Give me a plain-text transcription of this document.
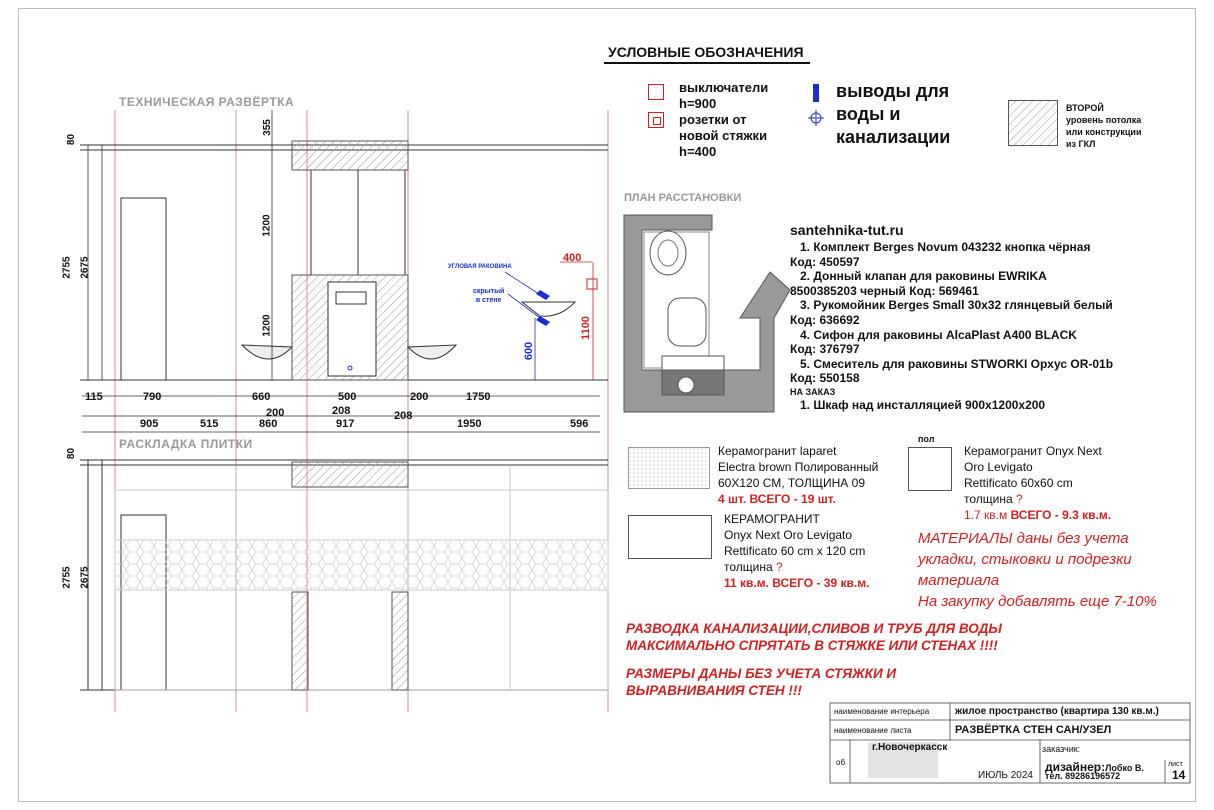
ТЕХНИЧЕСКАЯ РАЗВЁРТКА
РАСКЛАДКА ПЛИТКИ
80
2755 2675
355
1200
1200
400
600
1100
УГЛОВАЯ РАКОВИНА
скрытый
в стене
115	790	660	500	200	1750
200	208	208
905	515	860	917	1950	596
80
2755 2675
УСЛОВНЫЕ ОБОЗНАЧЕНИЯ
выключатели
h=900
розетки от
новой стяжки
h=400
выводы для
воды и
канализации
ВТОРОЙ
уровень потолка
или конструкции
из ГКЛ
ПЛАН РАССТАНОВКИ
santehnika-tut.ru
1. Комплект Berges Novum 043232 кнопка чёрная
Код: 450597
2. Донный клапан для раковины EWRIKA
8500385203 черный Код: 569461
3. Рукомойник Berges Small 30x32 глянцевый белый
Код: 636692
4. Сифон для раковины AlcaPlast A400 BLACK
Код: 376797
5. Смеситель для раковины STWORKI Орхус OR-01b
Код: 550158
НА ЗАКАЗ
1. Шкаф над инсталляцией 900x1200x200
Керамогранит laparet
Electra brown Полированный
60X120 СМ, ТОЛЩИНА 09
4 шт. ВСЕГО - 19 шт.
пол
Керамогранит Onyx Next
Oro Levigato
Rettificato 60x60 cm
толщина ?
1.7 кв.м ВСЕГО - 9.3 кв.м.
КЕРАМОГРАНИТ
Onyx Next Oro Levigato
Rettificato 60 cm x 120 cm
толщина ?
11 кв.м. ВСЕГО - 39 кв.м.
МАТЕРИАЛЫ даны без учета
укладки, стыковки и подрезки
материала
На закупку добавлять еще 7-10%
РАЗВОДКА КАНАЛИЗАЦИИ,СЛИВОВ И ТРУБ ДЛЯ ВОДЫ
МАКСИМАЛЬНО СПРЯТАТЬ В СТЯЖКЕ ИЛИ СТЕНАХ !!!!
РАЗМЕРЫ ДАНЫ БЕЗ УЧЕТА СТЯЖКИ И
ВЫРАВНИВАНИЯ СТЕН !!!
наименование интерьера	жилое пространство (квартира 130 кв.м.)
наименование листа	РАЗВЁРТКА СТЕН САН/УЗЕЛ
г.Новочеркасск	заказчик:
об	дизайнер:Лобко В.
тел. 89286196572
ИЮЛЬ 2024
лист
14
